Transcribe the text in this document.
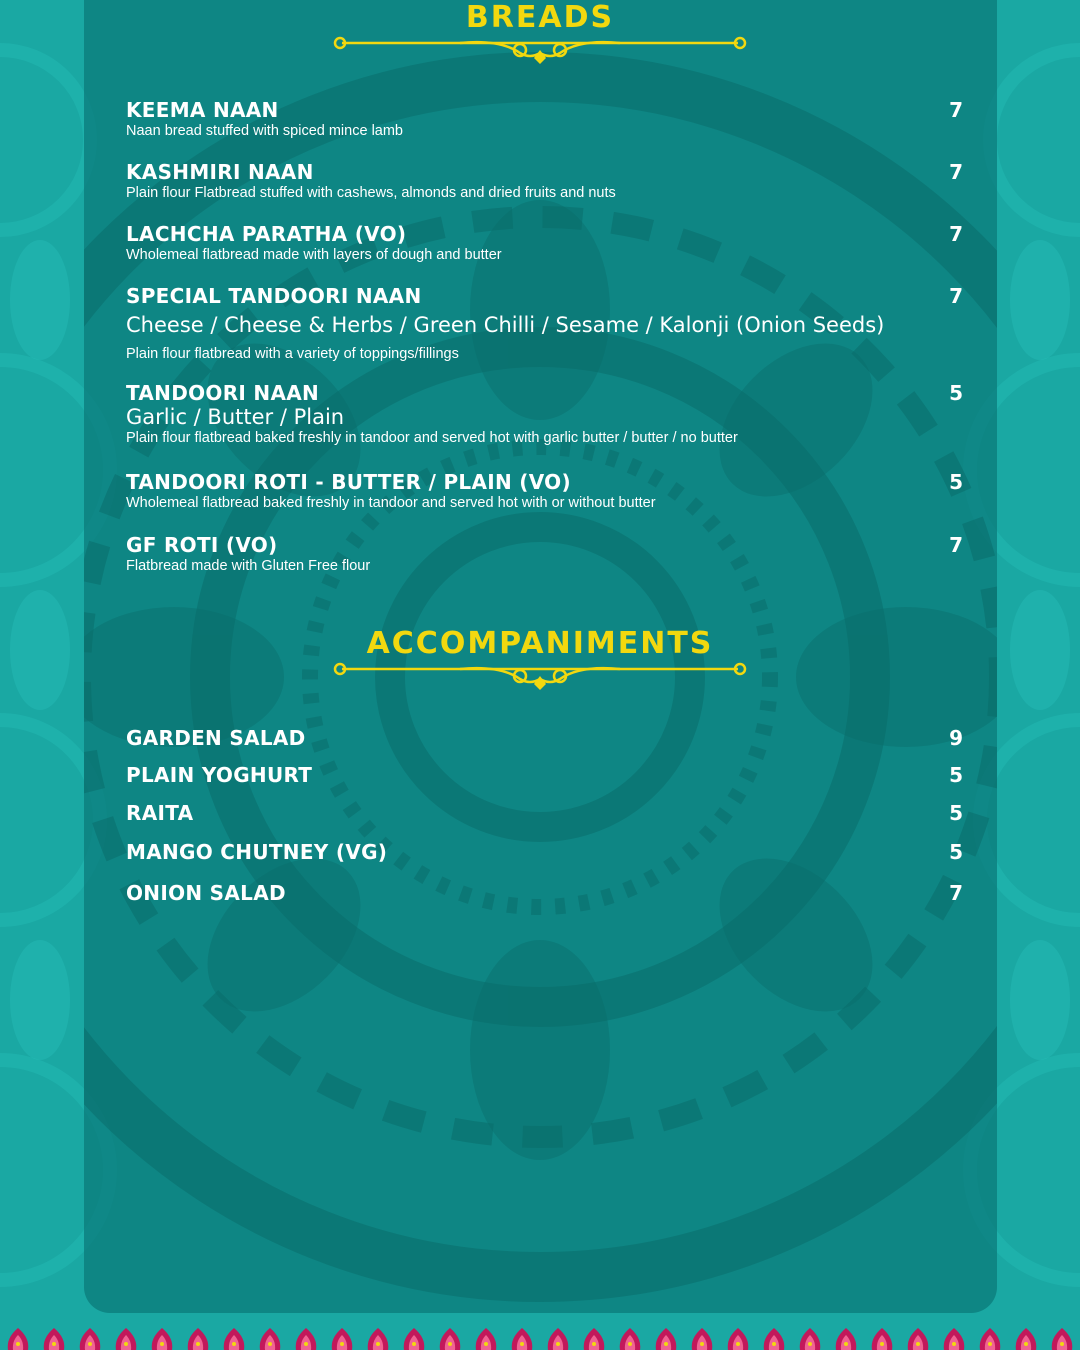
BREADS
ACCOMPANIMENTS
KEEMA NAAN	7
Naan bread stuffed with spiced mince lamb
KASHMIRI NAAN	7
Plain flour Flatbread stuffed with cashews, almonds and dried fruits and nuts
LACHCHA PARATHA (VO)	7
Wholemeal flatbread made with layers of dough and butter
SPECIAL TANDOORI NAAN	7
Cheese / Cheese & Herbs / Green Chilli / Sesame / Kalonji (Onion Seeds)
Plain flour flatbread with a variety of toppings/fillings
TANDOORI NAAN	5
Garlic / Butter / Plain
Plain flour flatbread baked freshly in tandoor and served hot with garlic butter / butter / no butter
TANDOORI ROTI - BUTTER / PLAIN (VO)	5
Wholemeal flatbread baked freshly in tandoor and served hot with or without butter
GF ROTI (VO)	7
Flatbread made with Gluten Free flour
GARDEN SALAD	9
PLAIN YOGHURT	5
RAITA	5
MANGO CHUTNEY (VG)	5
ONION SALAD	7
